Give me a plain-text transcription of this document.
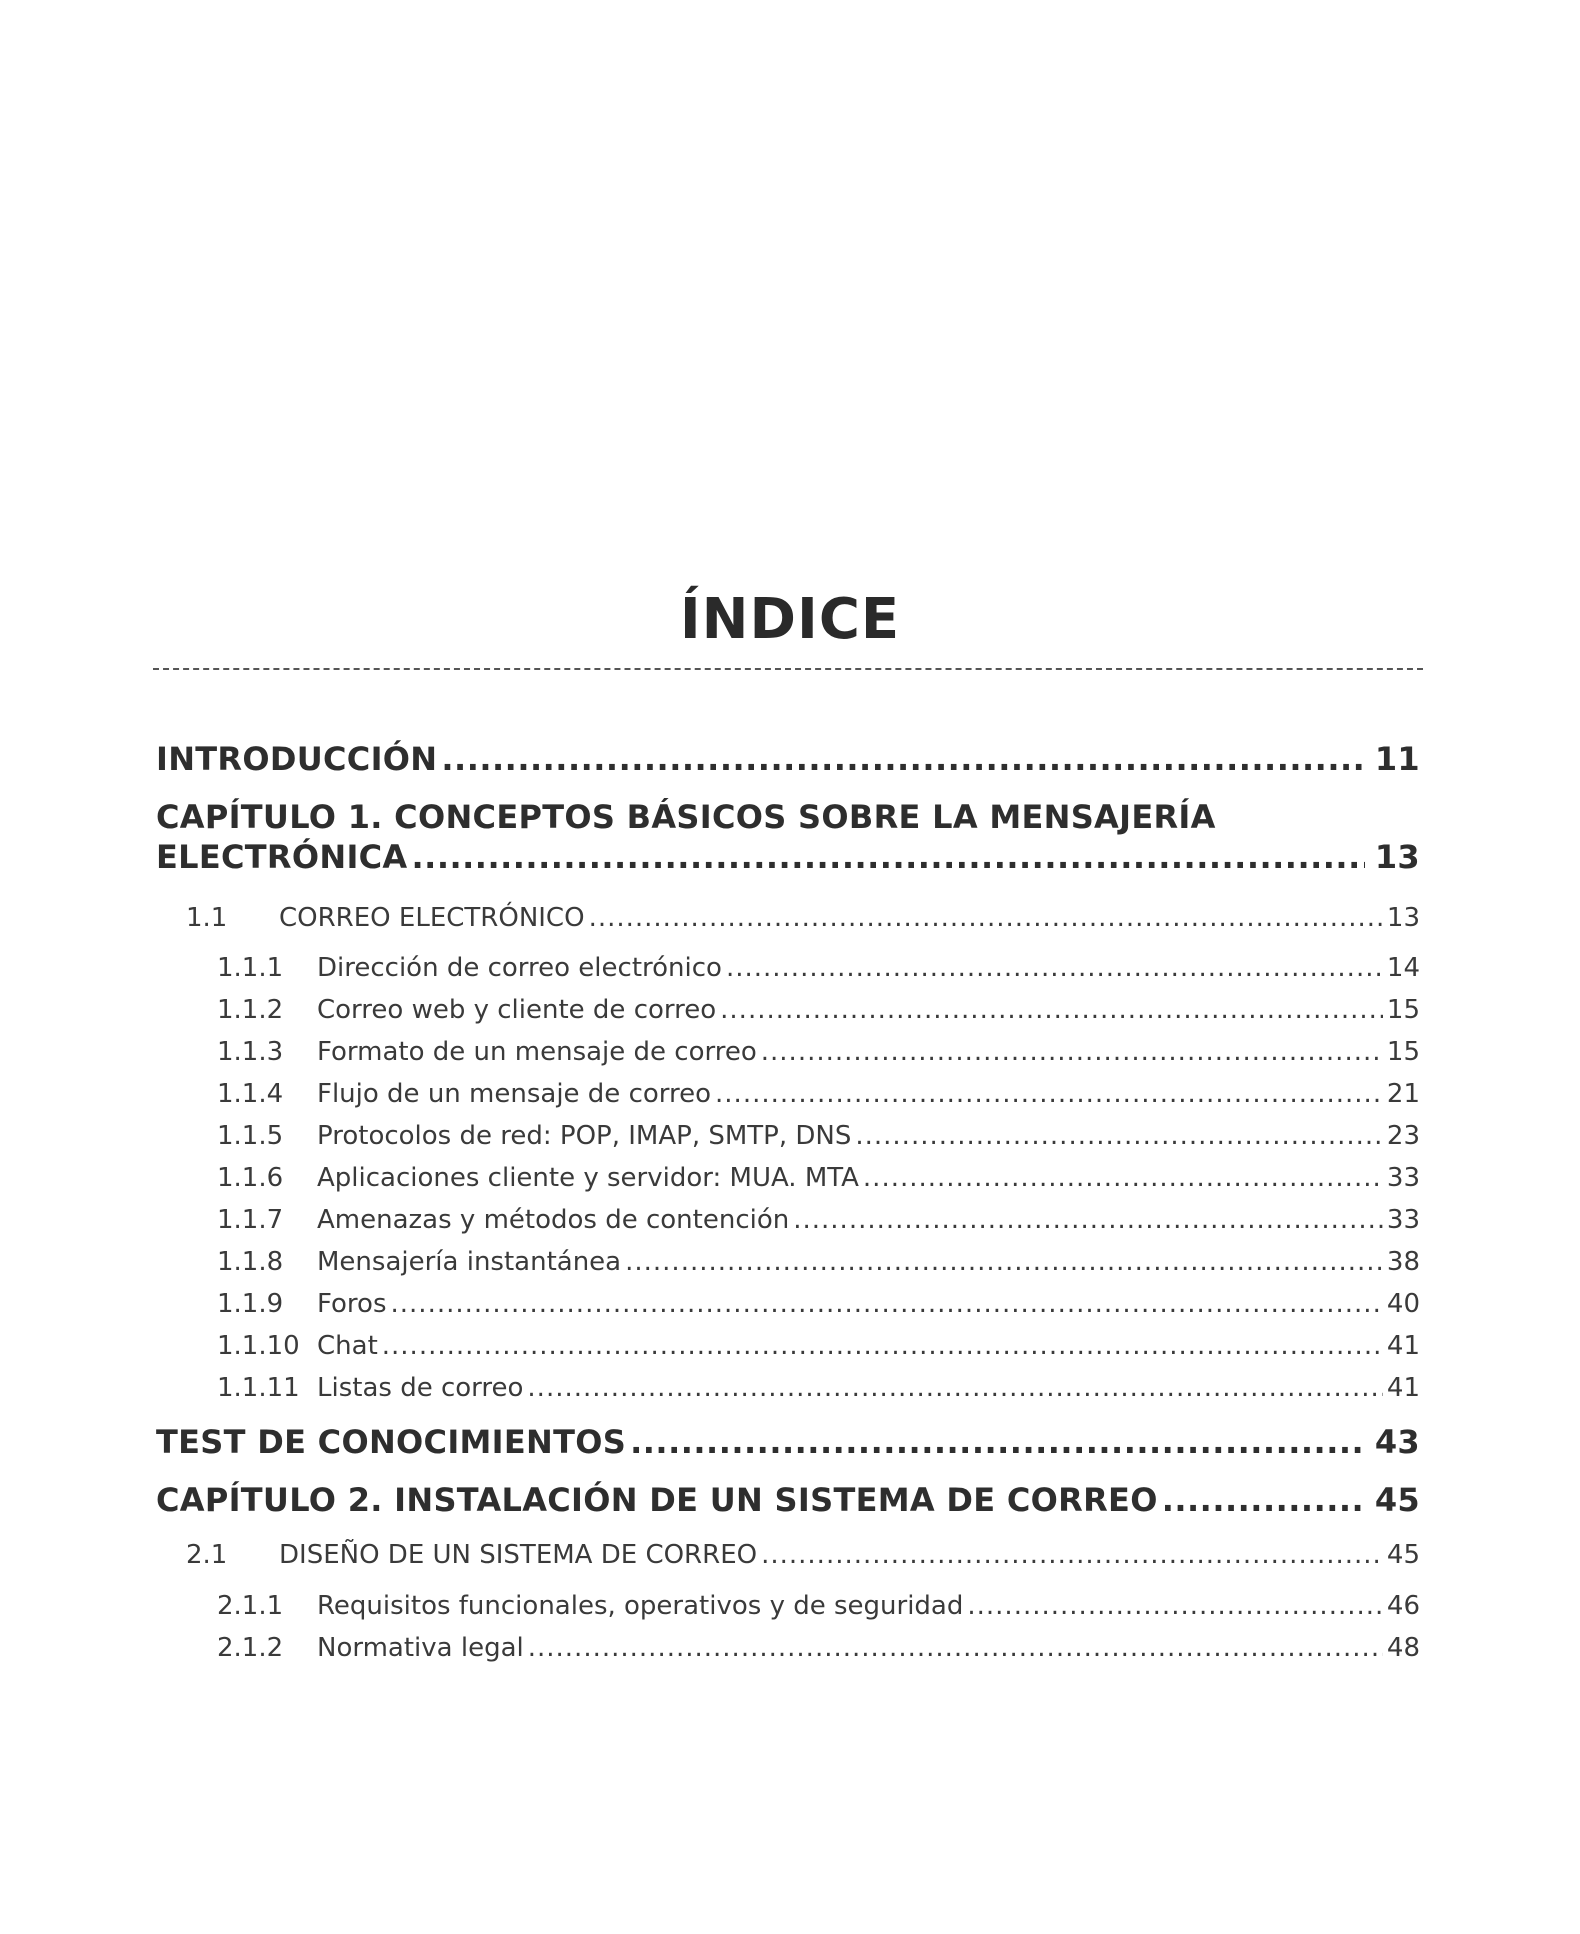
ÍNDICE
INTRODUCCIÓN .....	11
CAPÍTULO 1. CONCEPTOS BÁSICOS SOBRE LA MENSAJERÍA
ELECTRÓNICA .....	13
1.1	CORREO ELECTRÓNICO .....	13
1.1.1	Dirección de correo electrónico .....	14
1.1.2	Correo web y cliente de correo .....	15
1.1.3	Formato de un mensaje de correo .....	15
1.1.4	Flujo de un mensaje de correo .....	21
1.1.5	Protocolos de red: POP, IMAP, SMTP, DNS .....	23
1.1.6	Aplicaciones cliente y servidor: MUA. MTA .....	33
1.1.7	Amenazas y métodos de contención .....	33
1.1.8	Mensajería instantánea .....	38
1.1.9	Foros .....	40
1.1.10 Chat .....	41
1.1.11 Listas de correo .....	41
TEST DE CONOCIMIENTOS .....	43
CAPÍTULO 2. INSTALACIÓN DE UN SISTEMA DE CORREO .....	45
2.1	DISEÑO DE UN SISTEMA DE CORREO .....	45
2.1.1	Requisitos funcionales, operativos y de seguridad .....	46
2.1.2	Normativa legal .....	48
